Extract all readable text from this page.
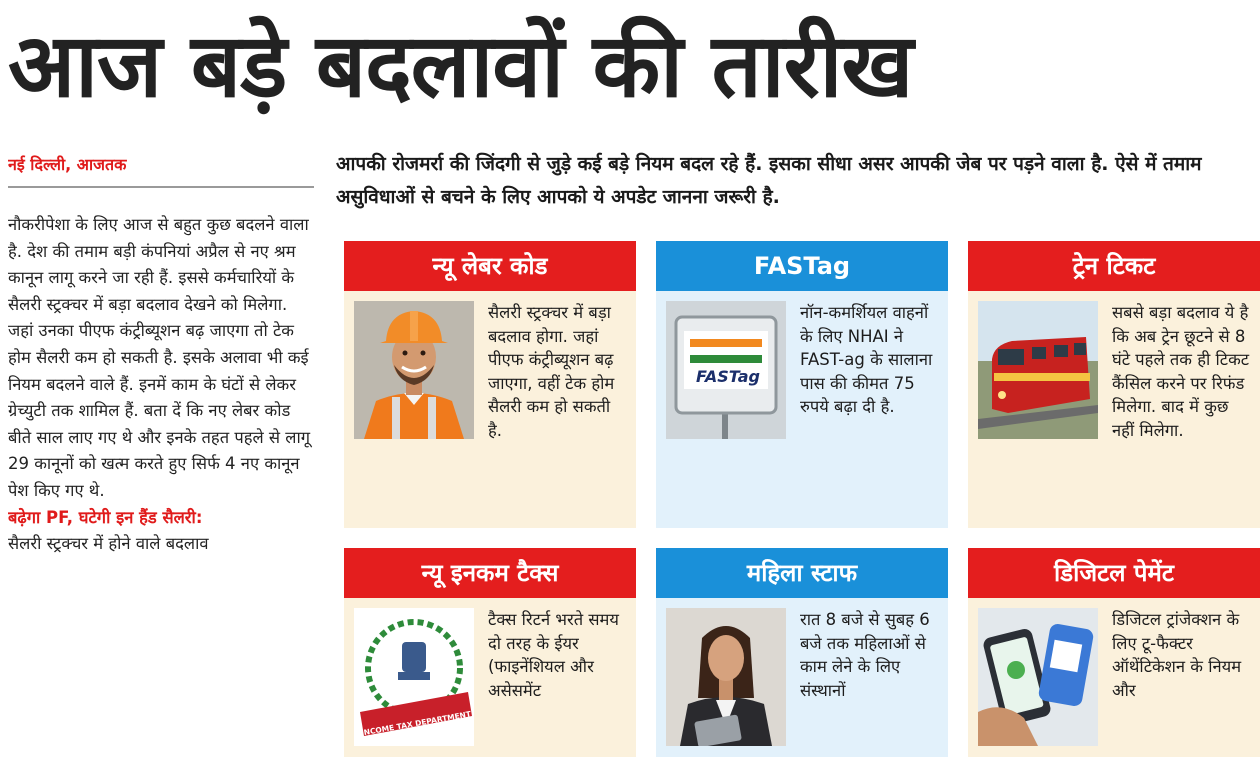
आज बड़े बदलावों की तारीख
नई दिल्ली, आजतक
नौकरीपेशा के लिए आज से बहुत कुछ बदलने वाला है. देश की तमाम बड़ी कंपनियां अप्रैल से नए श्रम कानून लागू करने जा रही हैं. इससे कर्मचारियों के सैलरी स्ट्रक्चर में बड़ा बदलाव देखने को मिलेगा. जहां उनका पीएफ कंट्रीब्यूशन बढ़ जाएगा तो टेक होम सैलरी कम हो सकती है. इसके अलावा भी कई नियम बदलने वाले हैं. इनमें काम के घंटों से लेकर ग्रेच्युटी तक शामिल हैं. बता दें कि नए लेबर कोड बीते साल लाए गए थे और इनके तहत पहले से लागू 29 कानूनों को खत्म करते हुए सिर्फ 4 नए कानून पेश किए गए थे.
बढ़ेगा PF, घटेगी इन हैंड सैलरी:
सैलरी स्ट्रक्चर में होने वाले बदलाव
आपकी रोजमर्रा की जिंदगी से जुड़े कई बड़े नियम बदल रहे हैं. इसका सीधा असर आपकी जेब पर पड़ने वाला है. ऐसे में तमाम असुविधाओं से बचने के लिए आपको ये अपडेट जानना जरूरी है.
न्यू लेबर कोड
सैलरी स्ट्रक्चर में बड़ा बदलाव होगा. जहां पीएफ कंट्रीब्यूशन बढ़ जाएगा, वहीं टेक होम सैलरी कम हो सकती है.
FASTag
FASTag
नॉन-कमर्शियल वाहनों के लिए NHAI ने FAST-ag के सालाना पास की कीमत 75 रुपये बढ़ा दी है.
ट्रेन टिकट
सबसे बड़ा बदलाव ये है कि अब ट्रेन छूटने से 8 घंटे पहले तक ही टिकट कैंसिल करने पर रिफंड मिलेगा. बाद में कुछ नहीं मिलेगा.
न्यू इनकम टैक्स
INCOME TAX DEPARTMENT
टैक्स रिटर्न भरते समय दो तरह के ईयर (फाइनेंशियल और असेसमेंट
महिला स्टाफ
रात 8 बजे से सुबह 6 बजे तक महिलाओं से काम लेने के लिए संस्थानों
डिजिटल पेमेंट
डिजिटल ट्रांजेक्शन के लिए टू-फैक्टर ऑथेंटिकेशन के नियम और
